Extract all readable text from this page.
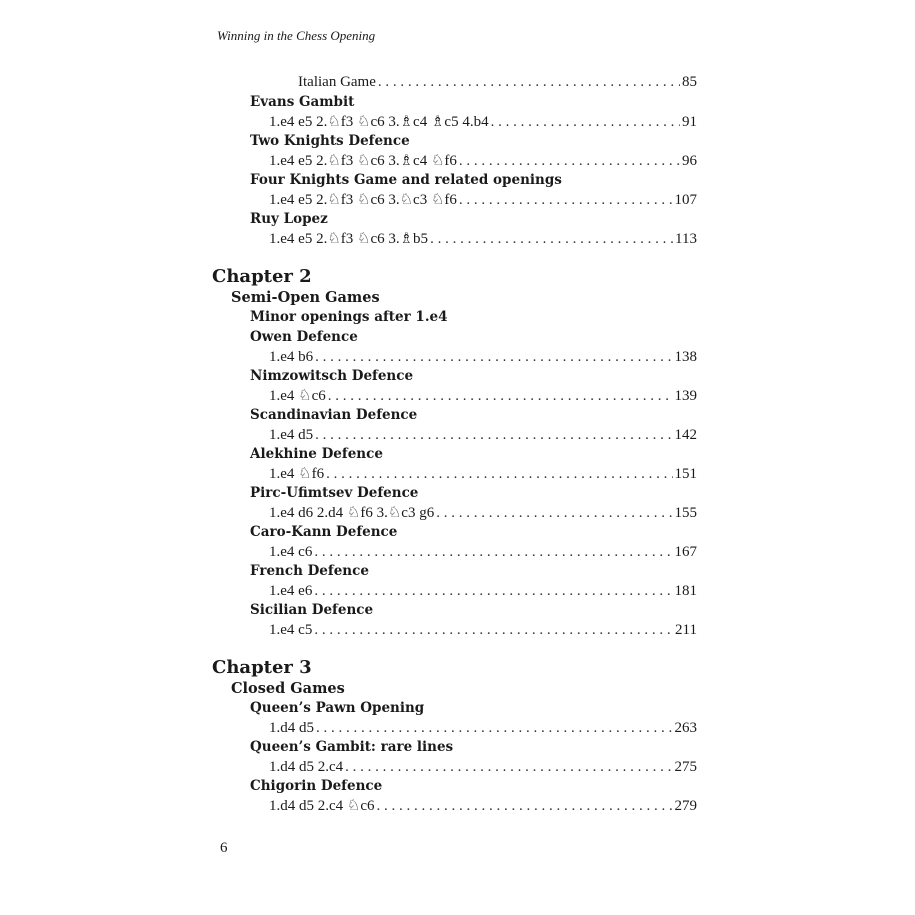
Winning in the Chess Opening
Italian Game . . .	85
Evans Gambit
1.e4 e5 2.♘f3 ♘c6 3.♗c4 ♗c5 4.b4 . . .	91
Two Knights Defence
1.e4 e5 2.♘f3 ♘c6 3.♗c4 ♘f6 . . .	96
Four Knights Game and related openings
1.e4 e5 2.♘f3 ♘c6 3.♘c3 ♘f6 . . .	107
Ruy Lopez
1.e4 e5 2.♘f3 ♘c6 3.♗b5 . . .	113
Chapter 2
Semi-Open Games
Minor openings after 1.e4
Owen Defence
1.e4 b6 . . .	138
Nimzowitsch Defence
1.e4 ♘c6 . . .	139
Scandinavian Defence
1.e4 d5 . . .	142
Alekhine Defence
1.e4 ♘f6 . . .	151
Pirc-Ufimtsev Defence
1.e4 d6 2.d4 ♘f6 3.♘c3 g6 . . .	155
Caro-Kann Defence
1.e4 c6 . . .	167
French Defence
1.e4 e6 . . .	181
Sicilian Defence
1.e4 c5 . . .	211
Chapter 3
Closed Games
Queen’s Pawn Opening
1.d4 d5 . . .	263
Queen’s Gambit: rare lines
1.d4 d5 2.c4 . . .	275
Chigorin Defence
1.d4 d5 2.c4 ♘c6 . . .	279
6
